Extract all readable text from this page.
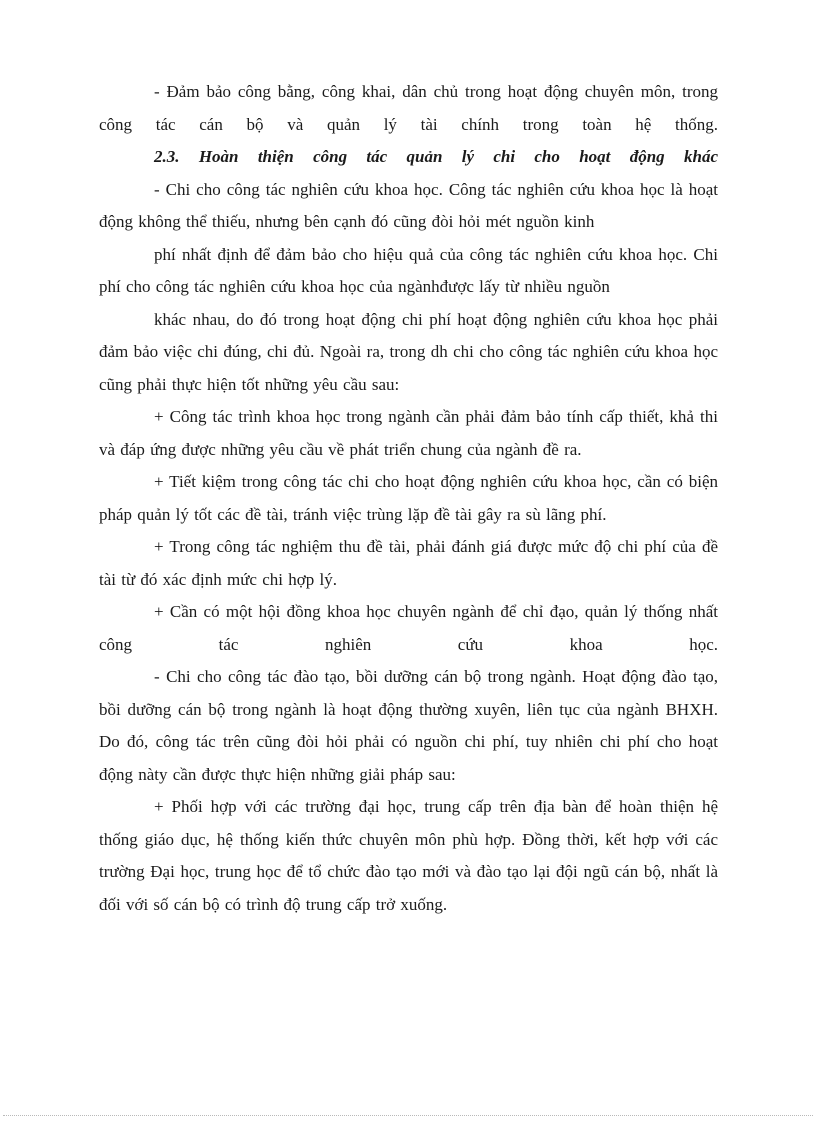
- Đảm bảo công bằng, công khai, dân chủ trong hoạt động chuyên môn, trong công tác cán bộ và quản lý tài chính trong toàn hệ thống.

2.3. Hoàn thiện công tác quản lý chi cho hoạt động khác

- Chi cho công tác nghiên cứu khoa học. Công tác nghiên cứu khoa học là hoạt động không thể thiếu, nhưng bên cạnh đó cũng đòi hỏi mét nguồn kinh

phí nhất định để đảm bảo cho hiệu quả của công tác nghiên cứu khoa học. Chi phí cho công tác nghiên cứu khoa học của ngànhđược lấy từ nhiều nguồn

khác nhau, do đó trong hoạt động chi phí hoạt động nghiên cứu khoa học phải đảm bảo việc chi đúng, chi đủ. Ngoài ra, trong dh chi cho công tác nghiên cứu khoa học cũng phải thực hiện tốt những yêu cầu sau:

+ Công tác trình khoa học trong ngành cần phải đảm bảo tính cấp thiết, khả thi và đáp ứng được những yêu cầu về phát triển chung của ngành đề ra.

+ Tiết kiệm trong công tác chi cho hoạt động nghiên cứu khoa học, cần có biện pháp quản lý tốt các đề tài, tránh việc trùng lặp đề tài gây ra sù lãng phí.

+ Trong công tác nghiệm thu đề tài, phải đánh giá được mức độ chi phí của đề tài từ đó xác định mức chi hợp lý.

+ Cần có một hội đồng khoa học chuyên ngành để chỉ đạo, quản lý thống nhất công tác nghiên cứu khoa học.

- Chi cho công tác đào tạo, bồi dưỡng cán bộ trong ngành. Hoạt động đào tạo, bồi dưỡng cán bộ trong ngành là hoạt động thường xuyên, liên tục của ngành BHXH. Do đó, công tác trên cũng đòi hỏi phải có nguồn chi phí, tuy nhiên chi phí cho hoạt động nàty cần được thực hiện những giải pháp sau:

+ Phối hợp với các trường đại học, trung cấp trên địa bàn để hoàn thiện hệ thống giáo dục, hệ thống kiến thức chuyên môn phù hợp. Đồng thời, kết hợp với các trường Đại học, trung học để tổ chức đào tạo mới và đào tạo lại đội ngũ cán bộ, nhất là đối với số cán bộ có trình độ trung cấp trở xuống.
